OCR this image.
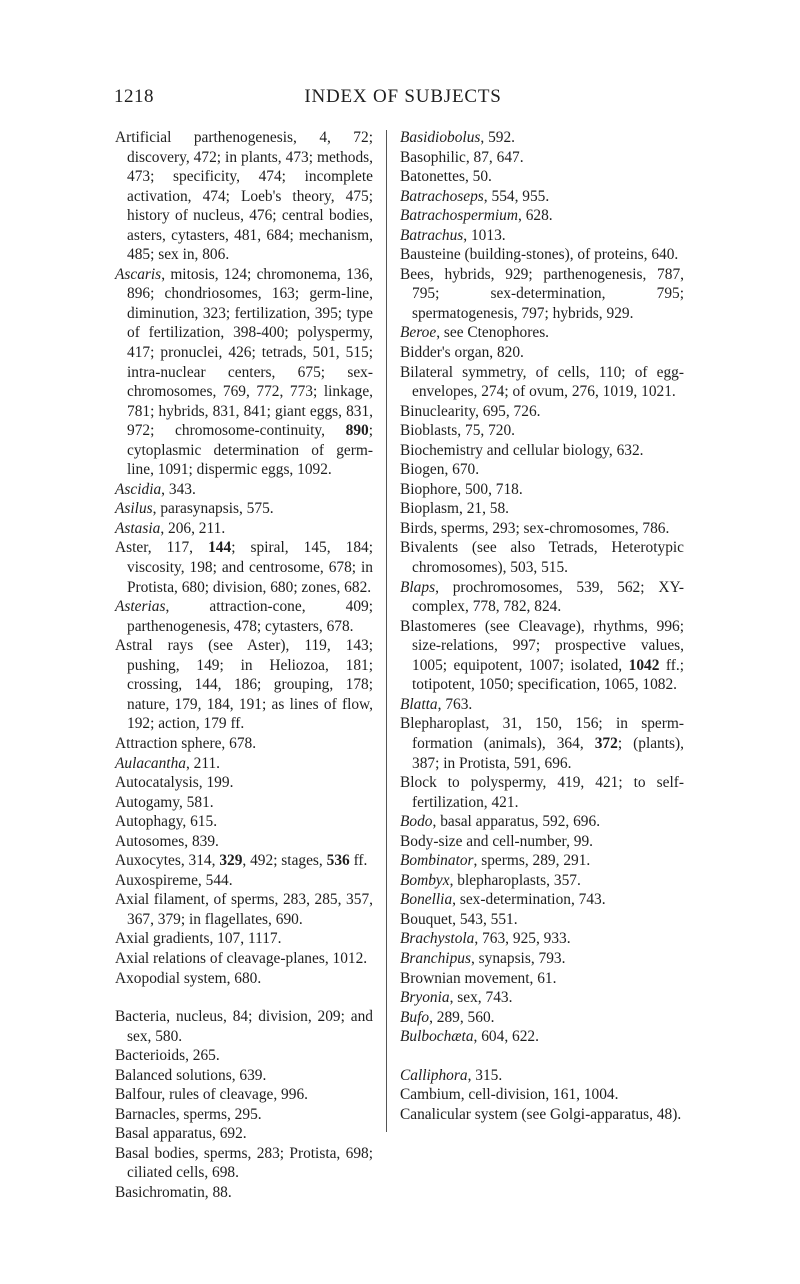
1218	INDEX OF SUBJECTS
Artificial parthenogenesis, 4, 72; discovery, 472; in plants, 473; methods, 473; specificity, 474; incomplete activation, 474; Loeb's theory, 475; history of nucleus, 476; central bodies, asters, cytasters, 481, 684; mechanism, 485; sex in, 806.
Ascaris, mitosis, 124; chromonema, 136, 896; chondriosomes, 163; germ-line, diminution, 323; fertilization, 395; type of fertilization, 398-400; polyspermy, 417; pronuclei, 426; tetrads, 501, 515; intra-nuclear centers, 675; sex-chromosomes, 769, 772, 773; linkage, 781; hybrids, 831, 841; giant eggs, 831, 972; chromosome-continuity, 890; cytoplasmic determination of germ-line, 1091; dispermic eggs, 1092.
Ascidia, 343.
Asilus, parasynapsis, 575.
Astasia, 206, 211.
Aster, 117, 144; spiral, 145, 184; viscosity, 198; and centrosome, 678; in Protista, 680; division, 680; zones, 682.
Asterias, attraction-cone, 409; parthenogenesis, 478; cytasters, 678.
Astral rays (see Aster), 119, 143; pushing, 149; in Heliozoa, 181; crossing, 144, 186; grouping, 178; nature, 179, 184, 191; as lines of flow, 192; action, 179 ff.
Attraction sphere, 678.
Aulacantha, 211.
Autocatalysis, 199.
Autogamy, 581.
Autophagy, 615.
Autosomes, 839.
Auxocytes, 314, 329, 492; stages, 536 ff.
Auxospireme, 544.
Axial filament, of sperms, 283, 285, 357, 367, 379; in flagellates, 690.
Axial gradients, 107, 1117.
Axial relations of cleavage-planes, 1012.
Axopodial system, 680.
Bacteria, nucleus, 84; division, 209; and sex, 580.
Bacterioids, 265.
Balanced solutions, 639.
Balfour, rules of cleavage, 996.
Barnacles, sperms, 295.
Basal apparatus, 692.
Basal bodies, sperms, 283; Protista, 698; ciliated cells, 698.
Basichromatin, 88.
Basidiobolus, 592.
Basophilic, 87, 647.
Batonettes, 50.
Batrachoseps, 554, 955.
Batrachospermium, 628.
Batrachus, 1013.
Bausteine (building-stones), of proteins, 640.
Bees, hybrids, 929; parthenogenesis, 787, 795; sex-determination, 795; spermatogenesis, 797; hybrids, 929.
Beroe, see Ctenophores.
Bidder's organ, 820.
Bilateral symmetry, of cells, 110; of egg-envelopes, 274; of ovum, 276, 1019, 1021.
Binuclearity, 695, 726.
Bioblasts, 75, 720.
Biochemistry and cellular biology, 632.
Biogen, 670.
Biophore, 500, 718.
Bioplasm, 21, 58.
Birds, sperms, 293; sex-chromosomes, 786.
Bivalents (see also Tetrads, Heterotypic chromosomes), 503, 515.
Blaps, prochromosomes, 539, 562; XY-complex, 778, 782, 824.
Blastomeres (see Cleavage), rhythms, 996; size-relations, 997; prospective values, 1005; equipotent, 1007; isolated, 1042 ff.; totipotent, 1050; specification, 1065, 1082.
Blatta, 763.
Blepharoplast, 31, 150, 156; in sperm-formation (animals), 364, 372; (plants), 387; in Protista, 591, 696.
Block to polyspermy, 419, 421; to self-fertilization, 421.
Bodo, basal apparatus, 592, 696.
Body-size and cell-number, 99.
Bombinator, sperms, 289, 291.
Bombyx, blepharoplasts, 357.
Bonellia, sex-determination, 743.
Bouquet, 543, 551.
Brachystola, 763, 925, 933.
Branchipus, synapsis, 793.
Brownian movement, 61.
Bryonia, sex, 743.
Bufo, 289, 560.
Bulbochæta, 604, 622.
Calliphora, 315.
Cambium, cell-division, 161, 1004.
Canalicular system (see Golgi-apparatus, 48).
